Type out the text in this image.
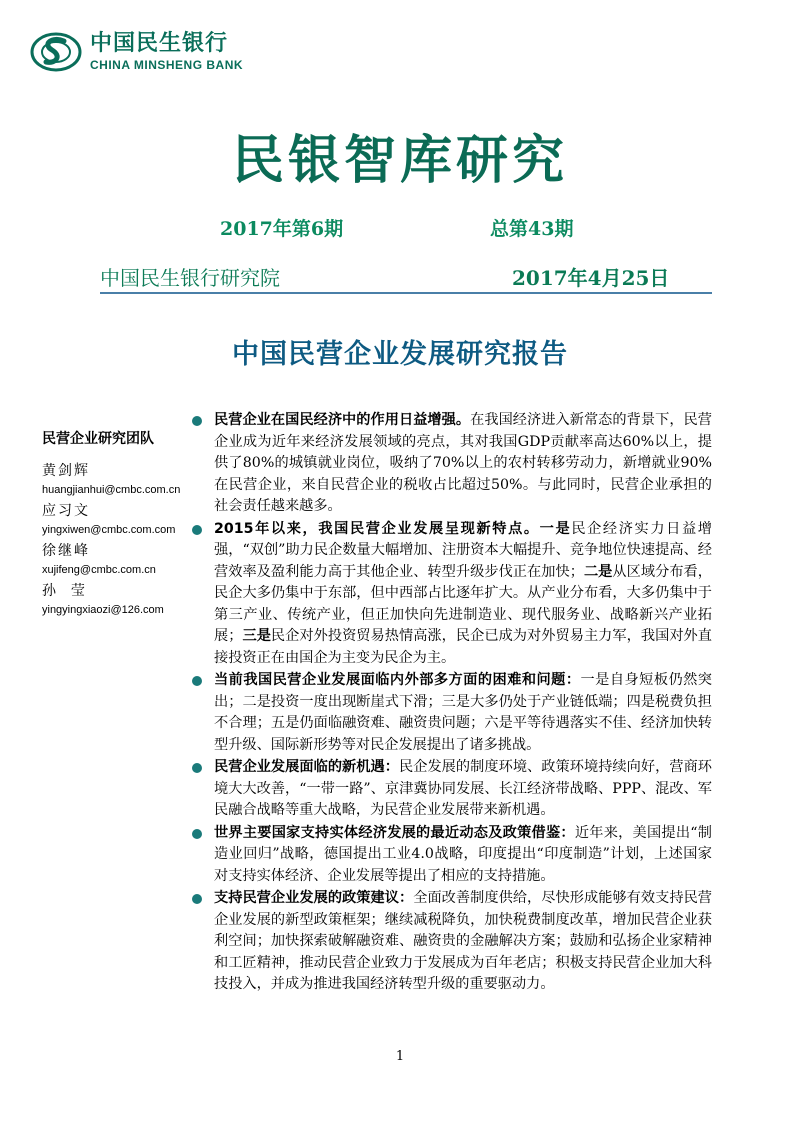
中国民生银行
CHINA MINSHENG BANK
民银智库研究
2017年第6期	总第43期
中国民生银行研究院	2017年4月25日
中国民营企业发展研究报告
民营企业研究团队
黄剑辉
huangjianhui@cmbc.com.cn
应习文
yingxiwen@cmbc.com.com
徐继峰
xujifeng@cmbc.com.cn
孙  莹
yingyingxiaozi@126.com
民营企业在国民经济中的作用日益增强。在我国经济进入新常态的背景下，民营企业成为近年来经济发展领域的亮点，其对我国GDP贡献率高达60%以上，提供了80%的城镇就业岗位，吸纳了70%以上的农村转移劳动力，新增就业90%在民营企业，来自民营企业的税收占比超过50%。与此同时，民营企业承担的社会责任越来越多。
2015年以来，我国民营企业发展呈现新特点。一是民企经济实力日益增强，“双创”助力民企数量大幅增加、注册资本大幅提升、竞争地位快速提高、经营效率及盈利能力高于其他企业、转型升级步伐正在加快；二是从区域分布看，民企大多仍集中于东部，但中西部占比逐年扩大。从产业分布看，大多仍集中于第三产业、传统产业，但正加快向先进制造业、现代服务业、战略新兴产业拓展；三是民企对外投资贸易热情高涨，民企已成为对外贸易主力军，我国对外直接投资正在由国企为主变为民企为主。
当前我国民营企业发展面临内外部多方面的困难和问题：一是自身短板仍然突出；二是投资一度出现断崖式下滑；三是大多仍处于产业链低端；四是税费负担不合理；五是仍面临融资难、融资贵问题；六是平等待遇落实不佳、经济加快转型升级、国际新形势等对民企发展提出了诸多挑战。
民营企业发展面临的新机遇：民企发展的制度环境、政策环境持续向好，营商环境大大改善，“一带一路”、京津冀协同发展、长江经济带战略、PPP、混改、军民融合战略等重大战略，为民营企业发展带来新机遇。
世界主要国家支持实体经济发展的最近动态及政策借鉴：近年来，美国提出“制造业回归”战略，德国提出工业4.0战略，印度提出“印度制造”计划，上述国家对支持实体经济、企业发展等提出了相应的支持措施。
支持民营企业发展的政策建议：全面改善制度供给，尽快形成能够有效支持民营企业发展的新型政策框架；继续减税降负，加快税费制度改革，增加民营企业获利空间；加快探索破解融资难、融资贵的金融解决方案；鼓励和弘扬企业家精神和工匠精神，推动民营企业致力于发展成为百年老店；积极支持民营企业加大科技投入，并成为推进我国经济转型升级的重要驱动力。
1
